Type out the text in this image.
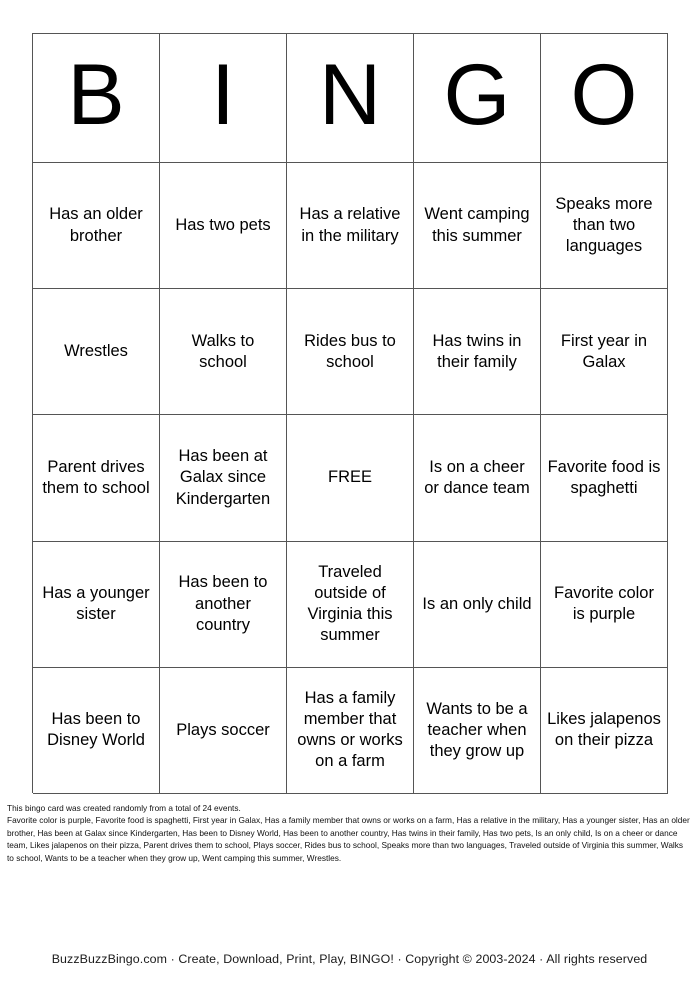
B I N G O
Has an older brother
Has two pets
Has a relative in the military
Went camping this summer
Speaks more than two languages
Wrestles
Walks to school
Rides bus to school
Has twins in their family
First year in Galax
Parent drives them to school
Has been at Galax since Kindergarten
FREE
Is on a cheer or dance team
Favorite food is spaghetti
Has a younger sister
Has been to another country
Traveled outside of Virginia this summer
Is an only child
Favorite color is purple
Has been to Disney World
Plays soccer
Has a family member that owns or works on a farm
Wants to be a teacher when they grow up
Likes jalapenos on their pizza

This bingo card was created randomly from a total of 24 events.

Favorite color is purple, Favorite food is spaghetti, First year in Galax, Has a family member that owns or works on a farm, Has a relative in the military, Has a younger sister, Has an older brother, Has been at Galax since Kindergarten, Has been to Disney World, Has been to another country, Has twins in their family, Has two pets, Is an only child, Is on a cheer or dance team, Likes jalapenos on their pizza, Parent drives them to school, Plays soccer, Rides bus to school, Speaks more than two languages, Traveled outside of Virginia this summer, Walks to school, Wants to be a teacher when they grow up, Went camping this summer, Wrestles.

BuzzBuzzBingo.com · Create, Download, Print, Play, BINGO! · Copyright © 2003-2024 · All rights reserved
